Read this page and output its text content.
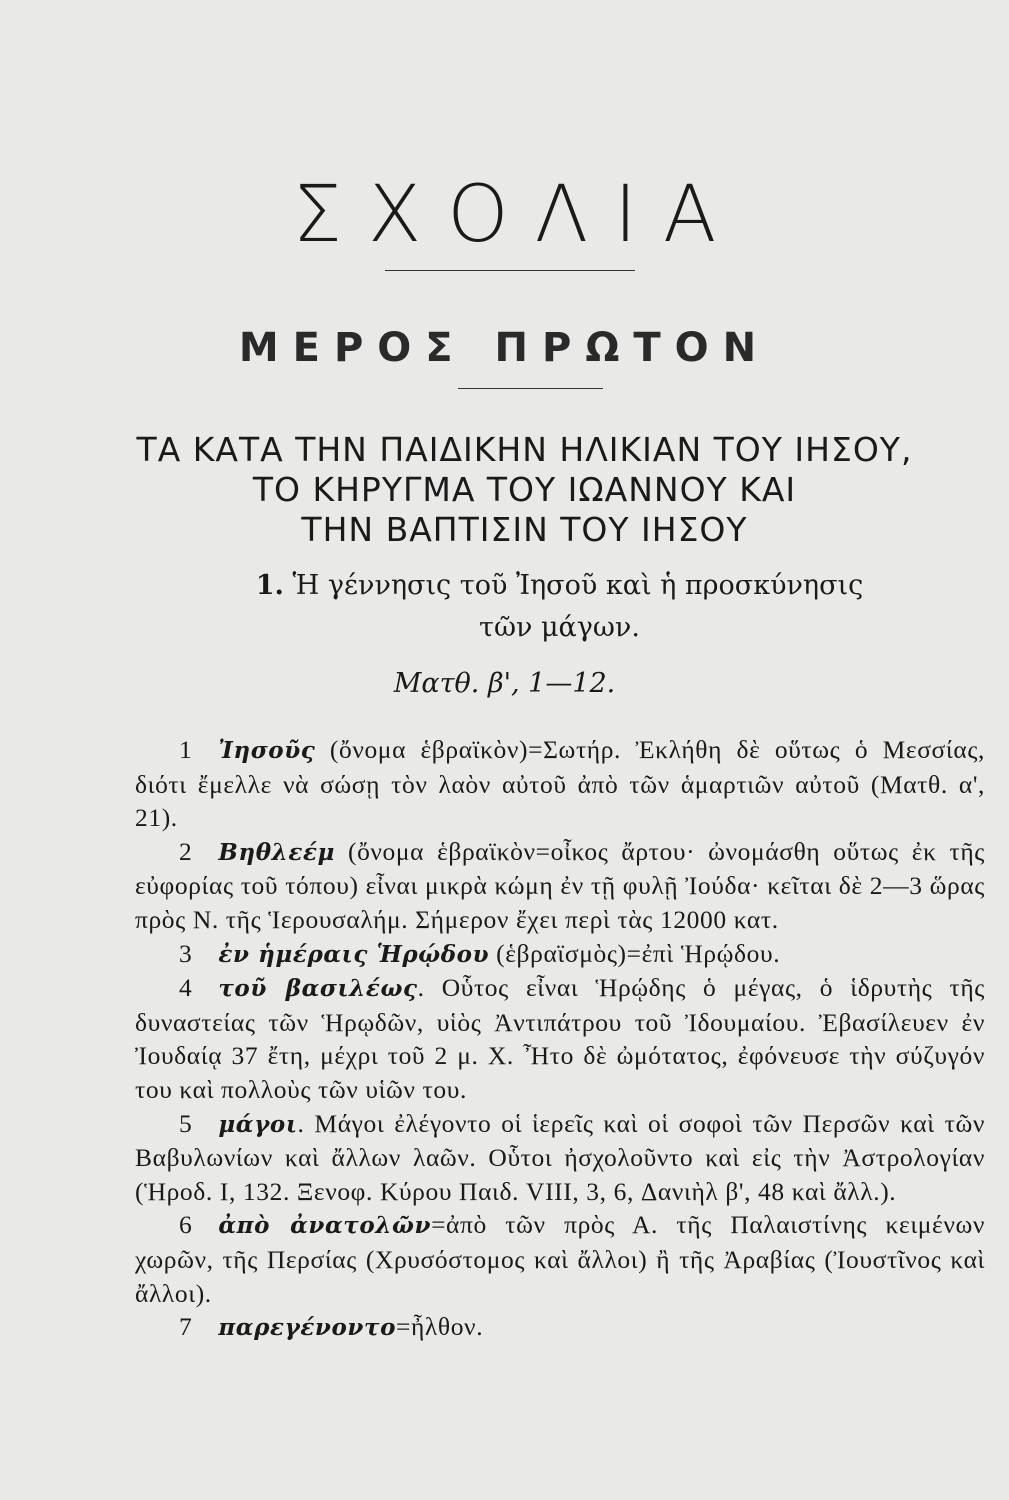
ΣΧΟΛΙΑ
ΜΕΡΟΣ ΠΡΩΤΟΝ
ΤΑ ΚΑΤΑ ΤΗΝ ΠΑΙΔΙΚΗΝ ΗΛΙΚΙΑΝ ΤΟΥ ΙΗΣΟΥ,
ΤΟ ΚΗΡΥΓΜΑ ΤΟΥ ΙΩΑΝΝΟΥ ΚΑΙ
ΤΗΝ ΒΑΠΤΙΣΙΝ ΤΟΥ ΙΗΣΟΥ
1. Ἡ γέννησις τοῦ Ἰησοῦ καὶ ἡ προσκύνησις
τῶν μάγων.
Ματθ. β', 1—12.

1 Ἰησοῦς (ὄνομα ἑβραϊκὸν)=Σωτήρ. Ἐκλήθη δὲ οὕτως ὁ Μεσσίας, διότι ἔμελλε νὰ σώσῃ τὸν λαὸν αὐτοῦ ἀπὸ τῶν ἁμαρτιῶν αὐτοῦ (Ματθ. α', 21).

2 Βηθλεέμ (ὄνομα ἑβραϊκὸν=οἶκος ἄρτου· ὠνομάσθη οὕτως ἐκ τῆς εὐφορίας τοῦ τόπου) εἶναι μικρὰ κώμη ἐν τῇ φυλῇ Ἰούδα· κεῖται δὲ 2—3 ὥρας πρὸς Ν. τῆς Ἱερουσαλήμ. Σήμερον ἔχει περὶ τὰς 12000 κατ.

3 ἐν ἡμέραις Ἡρῴδου (ἑβραϊσμὸς)=ἐπὶ Ἡρῴδου.

4 τοῦ βασιλέως. Οὗτος εἶναι Ἡρῴδης ὁ μέγας, ὁ ἱδρυτὴς τῆς δυναστείας τῶν Ἡρῳδῶν, υἱὸς Ἀντιπάτρου τοῦ Ἰδουμαίου. Ἐβασίλευεν ἐν Ἰουδαίᾳ 37 ἔτη, μέχρι τοῦ 2 μ. Χ. Ἦτο δὲ ὠμότατος, ἐφόνευσε τὴν σύζυγόν του καὶ πολλοὺς τῶν υἱῶν του.

5 μάγοι. Μάγοι ἐλέγοντο οἱ ἱερεῖς καὶ οἱ σοφοὶ τῶν Περσῶν καὶ τῶν Βαβυλωνίων καὶ ἄλλων λαῶν. Οὗτοι ἠσχολοῦντο καὶ εἰς τὴν Ἀστρολογίαν (Ἡροδ. Ι, 132. Ξενοφ. Κύρου Παιδ. VIII, 3, 6, Δανιὴλ β', 48 καὶ ἄλλ.).

6 ἀπὸ ἀνατολῶν=ἀπὸ τῶν πρὸς Α. τῆς Παλαιστίνης κειμένων χωρῶν, τῆς Περσίας (Χρυσόστομος καὶ ἄλλοι) ἢ τῆς Ἀραβίας (Ἰουστῖνος καὶ ἄλλοι).

7 παρεγένοντο=ἦλθον.
